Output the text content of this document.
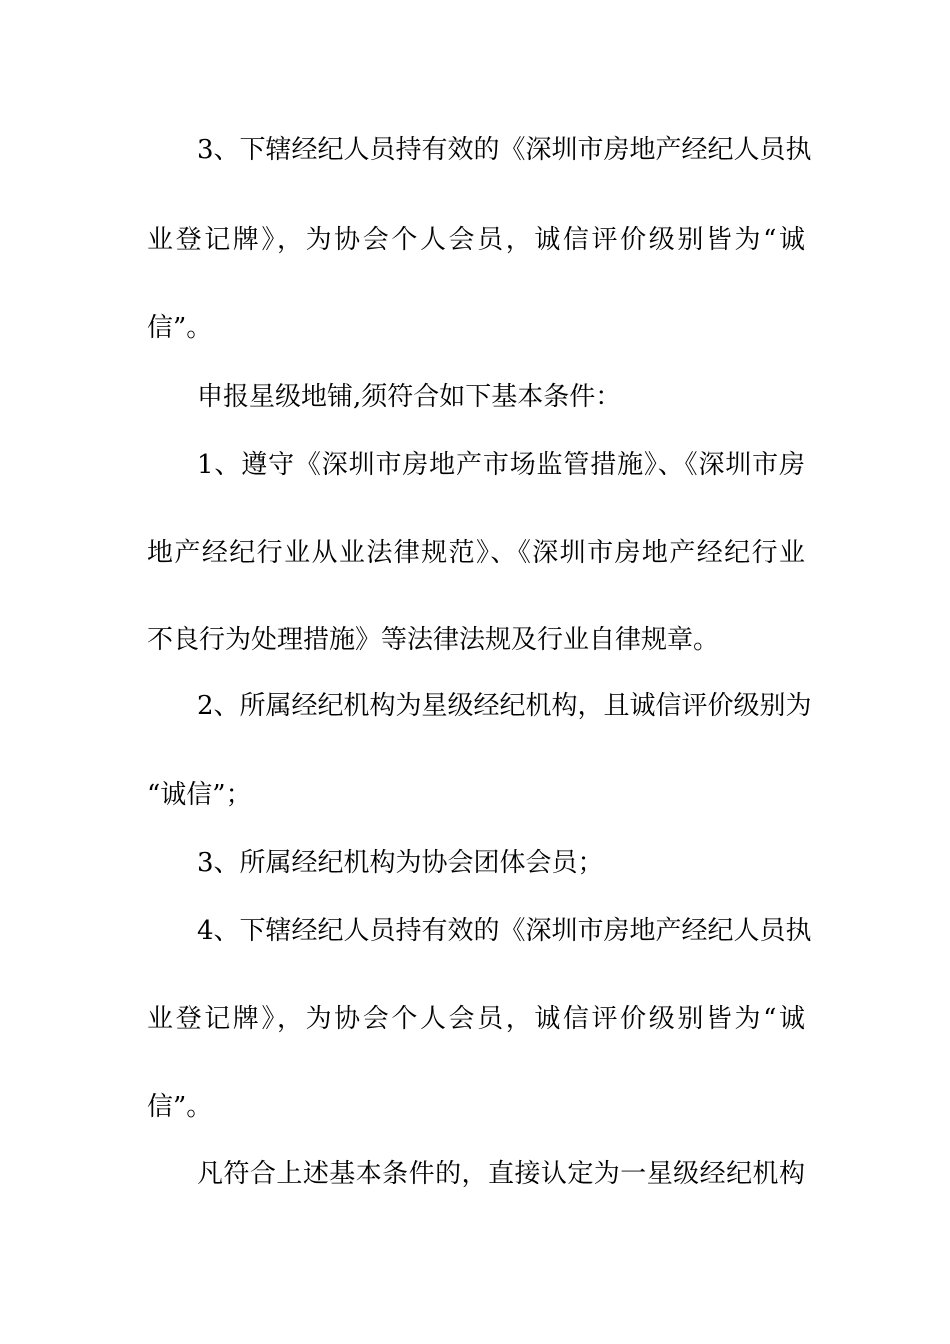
3、下辖经纪人员持有效的《深圳市房地产经纪人员执
业登记牌》，为协会个人会员，诚信评价级别皆为“诚
信”。
申报星级地铺,须符合如下基本条件：
1、遵守《深圳市房地产市场监管措施》、《深圳市房
地产经纪行业从业法律规范》、《深圳市房地产经纪行业
不良行为处理措施》等法律法规及行业自律规章。
2、所属经纪机构为星级经纪机构，且诚信评价级别为
“诚信”；
3、所属经纪机构为协会团体会员；
4、下辖经纪人员持有效的《深圳市房地产经纪人员执
业登记牌》，为协会个人会员，诚信评价级别皆为“诚
信”。
凡符合上述基本条件的，直接认定为一星级经纪机构
